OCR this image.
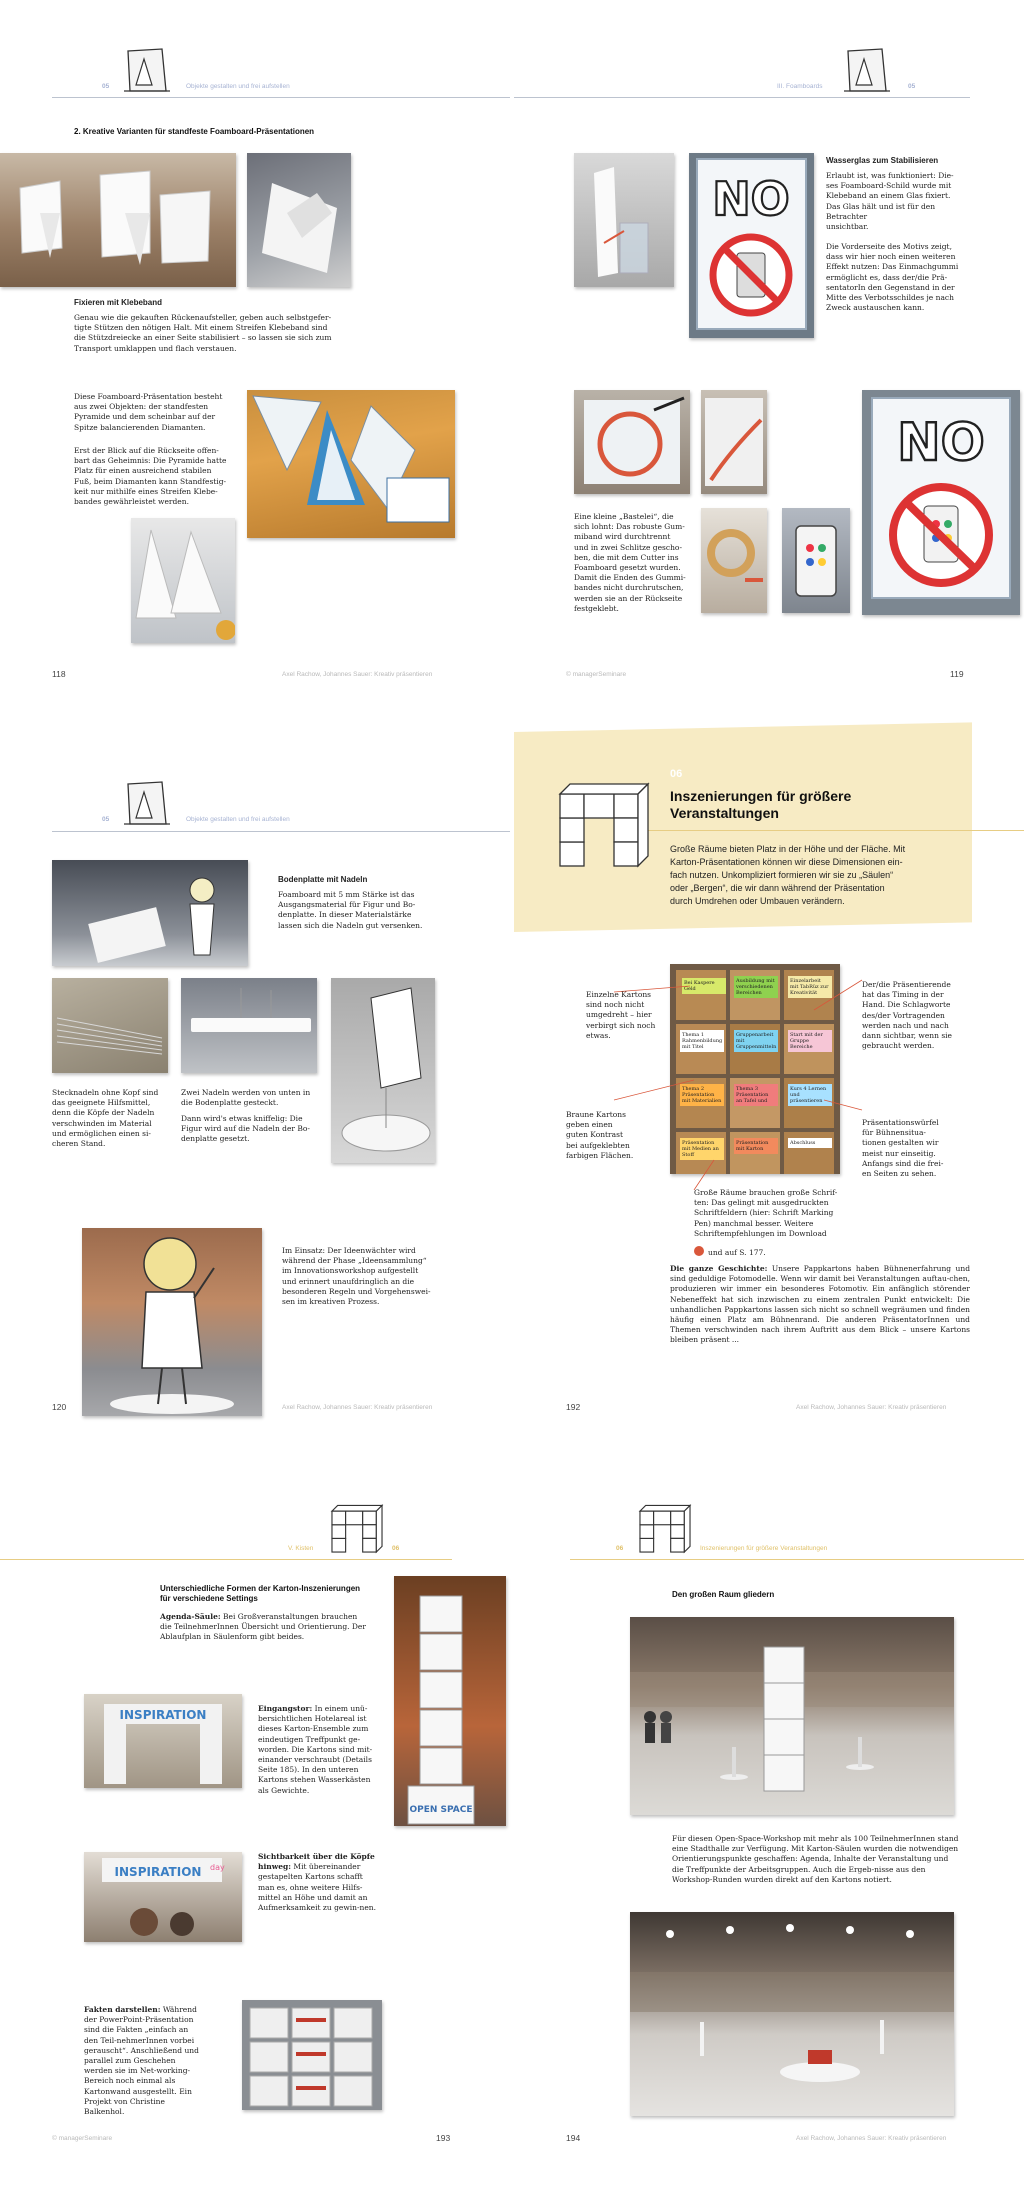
05	Objekte gestalten und frei aufstellen
2. Kreative Varianten für standfeste Foamboard-Präsentationen
Fixieren mit Klebeband
Genau wie die gekauften Rückenaufsteller, geben auch selbstgefer-
tigte Stützen den nötigen Halt. Mit einem Streifen Klebeband sind
die Stützdreiecke an einer Seite stabilisiert – so lassen sie sich zum
Transport umklappen und flach verstauen.
Diese Foamboard-Präsentation besteht
aus zwei Objekten: der standfesten
Pyramide und dem scheinbar auf der
Spitze balancierenden Diamanten.
Erst der Blick auf die Rückseite offen-
bart das Geheimnis: Die Pyramide hatte
Platz für einen ausreichend stabilen
Fuß, beim Diamanten kann Standfestig-
keit nur mithilfe eines Streifen Klebe-
bandes gewährleistet werden.
118	Axel Rachow, Johannes Sauer: Kreativ präsentieren
III. Foamboards	05
NO
Wasserglas zum Stabilisieren
Erlaubt ist, was funktioniert: Die-
ses Foamboard-Schild wurde mit
Klebeband an einem Glas fixiert.
Das Glas hält und ist für den Betrachter
unsichtbar.
Die Vorderseite des Motivs zeigt,
dass wir hier noch einen weiteren
Effekt nutzen: Das Einmachgummi
ermöglicht es, dass der/die Prä-
sentatorIn den Gegenstand in der
Mitte des Verbotsschildes je nach
Zweck austauschen kann.
NO
Eine kleine „Bastelei“, die
sich lohnt: Das robuste Gum-
miband wird durchtrennt
und in zwei Schlitze gescho-
ben, die mit dem Cutter ins
Foamboard gesetzt wurden.
Damit die Enden des Gummi-
bandes nicht durchrutschen,
werden sie an der Rückseite
festgeklebt.
© managerSeminare	119
05	Objekte gestalten und frei aufstellen
Bodenplatte mit Nadeln
Foamboard mit 5 mm Stärke ist das
Ausgangsmaterial für Figur und Bo-
denplatte. In dieser Materialstärke
lassen sich die Nadeln gut versenken.
Stecknadeln ohne Kopf sind
das geeignete Hilfsmittel,
denn die Köpfe der Nadeln
verschwinden im Material
und ermöglichen einen si-
cheren Stand.
Zwei Nadeln werden von unten in
die Bodenplatte gesteckt.
Dann wird's etwas kniffelig: Die
Figur wird auf die Nadeln der Bo-
denplatte gesetzt.
Im Einsatz: Der Ideenwächter wird
während der Phase „Ideensammlung“
im Innovationsworkshop aufgestellt
und erinnert unaufdringlich an die
besonderen Regeln und Vorgehenswei-
sen im kreativen Prozess.
120	Axel Rachow, Johannes Sauer: Kreativ präsentieren
06
Inszenierungen für größere
Veranstaltungen
Große Räume bieten Platz in der Höhe und der Fläche. Mit
Karton-Präsentationen können wir diese Dimensionen ein-
fach nutzen. Unkompliziert formieren wir sie zu „Säulen“
oder „Bergen“, die wir dann während der Präsentation
durch Umdrehen oder Umbauen verändern.
Bei Kaspere Geld
Ausbildung mit verschiedenen Bereichen
Einzelarbeit mit TabRüz zur Kreativität
Thema 1 Rahmenbildung mit Titel
Gruppenarbeit mit Gruppenmitteln
Start mit der Gruppe Bereiche
Thema 2 Präsentation mit Materialien
Thema 3 Präsentation an Tafel und
Kurs 4 Lernen und präsentieren
Präsentation mit Medien an Stoff
Präsentation mit Karton
Abschluss
Einzelne Kartons
sind noch nicht
umgedreht – hier
verbirgt sich noch
etwas.
Braune Kartons
geben einen
guten Kontrast
bei aufgeklebten
farbigen Flächen.
Der/die Präsentierende
hat das Timing in der
Hand. Die Schlagworte
des/der Vortragenden
werden nach und nach
dann sichtbar, wenn sie
gebraucht werden.
Präsentationswürfel
für Bühnensitua-
tionen gestalten wir
meist nur einseitig.
Anfangs sind die frei-
en Seiten zu sehen.
Große Räume brauchen große Schrif-
ten: Das gelingt mit ausgedruckten
Schriftfeldern (hier: Schrift Marking
Pen) manchmal besser. Weitere
Schriftempfehlungen im Download
und auf S. 177.
Die ganze Geschichte: Unsere Pappkartons haben Bühnenerfahrung und sind geduldige Fotomodelle. Wenn wir damit bei Veranstaltungen auftau-chen, produzieren wir immer ein besonderes Fotomotiv. Ein anfänglich störender Nebeneffekt hat sich inzwischen zu einem zentralen Punkt entwickelt: Die unhandlichen Pappkartons lassen sich nicht so schnell wegräumen und finden häufig einen Platz am Bühnenrand. Die anderen PräsentatorInnen und Themen verschwinden nach ihrem Auftritt aus dem Blick – unsere Kartons bleiben präsent ...
192	Axel Rachow, Johannes Sauer: Kreativ präsentieren
V. Kisten	06
Unterschiedliche Formen der Karton-Inszenierungen
für verschiedene Settings
Agenda-Säule: Bei Großveranstaltungen brauchen die TeilnehmerInnen Übersicht und Orientierung. Der Ablaufplan in Säulenform gibt beides.
OPEN SPACE
INSPIRATION	Eingangstor: In einem unü-bersichtlichen Hotelareal ist dieses Karton-Ensemble zum eindeutigen Treffpunkt ge-worden. Die Kartons sind mit-einander verschraubt (Details Seite 185). In den unteren Kartons stehen Wasserkästen als Gewichte.
INSPIRATION day
Sichtbarkeit über die Köpfe hinweg: Mit übereinander gestapelten Kartons schafft man es, ohne weitere Hilfs-mittel an Höhe und damit an Aufmerksamkeit zu gewin-nen.
Fakten darstellen: Während der PowerPoint-Präsentation sind die Fakten „einfach an den Teil-nehmerInnen vorbei gerauscht“. Anschließend und parallel zum Geschehen werden sie im Net-working-Bereich noch einmal als Kartonwand ausgestellt. Ein Projekt von Christine Balkenhol.
© managerSeminare	193
06	Inszenierungen für größere Veranstaltungen
Den großen Raum gliedern
Für diesen Open-Space-Workshop mit mehr als 100 TeilnehmerInnen stand eine Stadthalle zur Verfügung. Mit Karton-Säulen wurden die notwendigen Orientierungspunkte geschaffen: Agenda, Inhalte der Veranstaltung und die Treffpunkte der Arbeitsgruppen. Auch die Ergeb-nisse aus den Workshop-Runden wurden direkt auf den Kartons notiert.
194	Axel Rachow, Johannes Sauer: Kreativ präsentieren
